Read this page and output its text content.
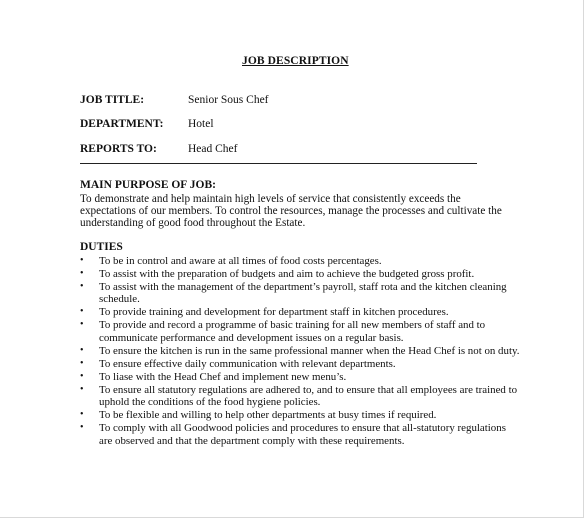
JOB DESCRIPTION
JOB TITLE:	Senior Sous Chef
DEPARTMENT: Hotel
REPORTS TO:	Head Chef
MAIN PURPOSE OF JOB:
To demonstrate and help maintain high levels of service that consistently exceeds the expectations of our members. To control the resources, manage the processes and cultivate the understanding of good food throughout the Estate.
DUTIES
• To be in control and aware at all times of food costs percentages.
• To assist with the preparation of budgets and aim to achieve the budgeted gross profit.
• To assist with the management of the department’s payroll, staff rota and the kitchen cleaning schedule.
• To provide training and development for department staff in kitchen procedures.
• To provide and record a programme of basic training for all new members of staff and to communicate performance and development issues on a regular basis.
• To ensure the kitchen is run in the same professional manner when the Head Chef is not on duty.
• To ensure effective daily communication with relevant departments.
• To liase with the Head Chef and implement new menu’s.
• To ensure all statutory regulations are adhered to, and to ensure that all employees are trained to uphold the conditions of the food hygiene policies.
• To be flexible and willing to help other departments at busy times if required.
• To comply with all Goodwood policies and procedures to ensure that all-statutory regulations are observed and that the department comply with these requirements.
